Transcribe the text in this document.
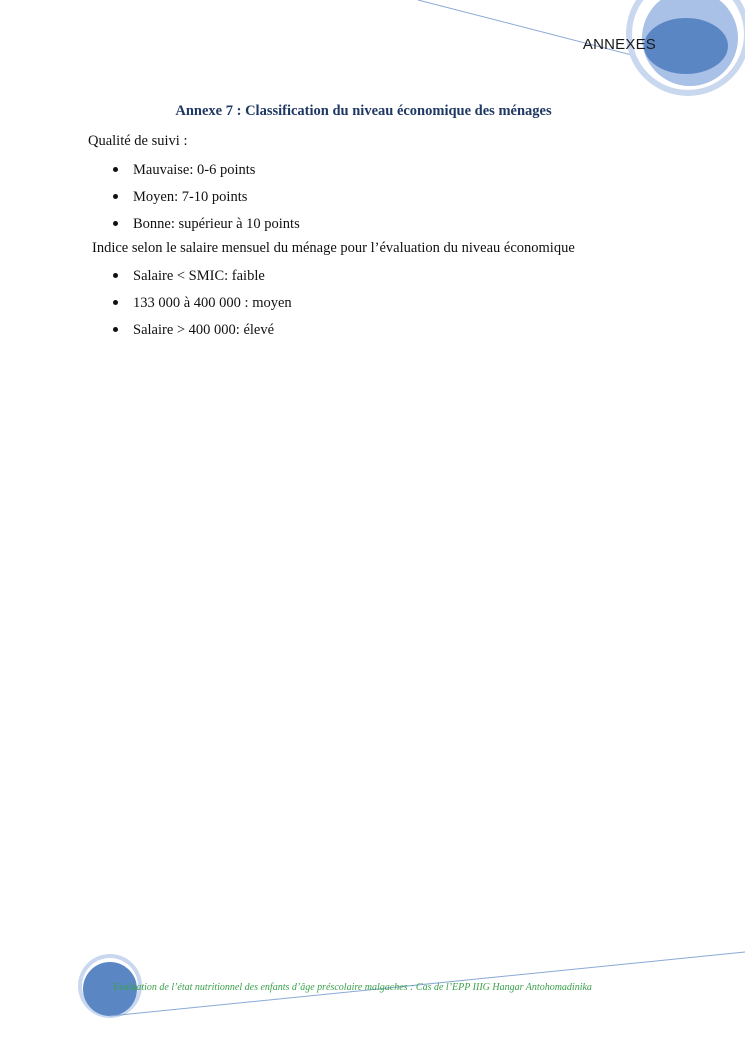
ANNEXES
Annexe 7 : Classification du niveau économique des ménages
Qualité de suivi :
Mauvaise: 0-6 points
Moyen: 7-10 points
Bonne: supérieur à 10 points
Indice selon le salaire mensuel du ménage pour l’évaluation du niveau économique
Salaire < SMIC: faible
133 000 à 400 000 : moyen
Salaire > 400 000: élevé
Evaluation de l’état nutritionnel des enfants d’âge préscolaire malgaches : Cas de l’EPP IIIG Hangar Antohomadinika
